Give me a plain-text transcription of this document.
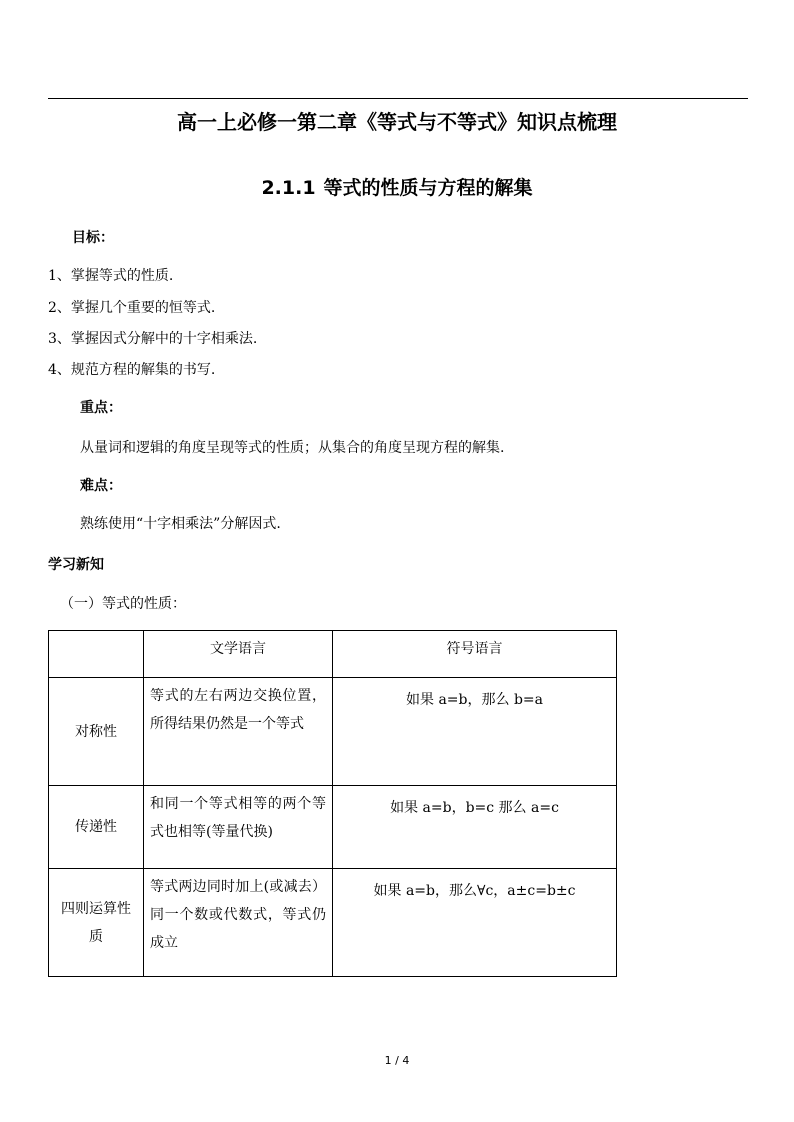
高一上必修一第二章《等式与不等式》知识点梳理
2.1.1 等式的性质与方程的解集
目标：
1、掌握等式的性质.
2、掌握几个重要的恒等式.
3、掌握因式分解中的十字相乘法.
4、规范方程的解集的书写.
重点：
从量词和逻辑的角度呈现等式的性质；从集合的角度呈现方程的解集.
难点：
熟练使用“十字相乘法”分解因式.
学习新知
（一）等式的性质：
	文学语言	符号语言
对称性	等式的左右两边交换位置，所得结果仍然是一个等式	如果 a=b，那么 b=a
传递性	和同一个等式相等的两个等式也相等(等量代换)	如果 a=b，b=c 那么 a=c
四则运算性质	等式两边同时加上(或减去）同一个数或代数式，等式仍成立	如果 a=b，那么∀c，a±c=b±c
1 / 4
